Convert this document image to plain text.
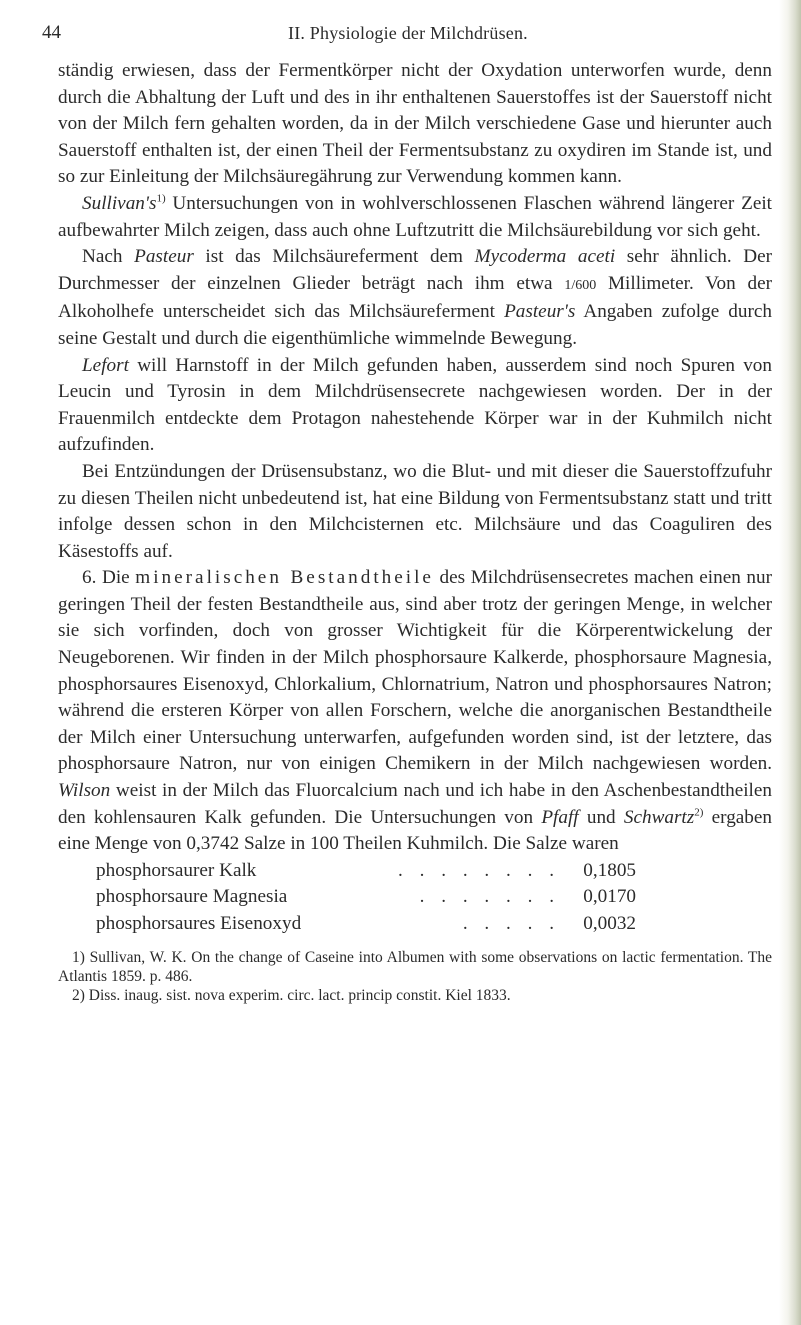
44	II. Physiologie der Milchdrüsen.

ständig erwiesen, dass der Fermentkörper nicht der Oxydation unterworfen wurde, denn durch die Abhaltung der Luft und des in ihr enthaltenen Sauerstoffes ist der Sauerstoff nicht von der Milch fern gehalten worden, da in der Milch verschiedene Gase und hierunter auch Sauerstoff enthalten ist, der einen Theil der Fermentsubstanz zu oxydiren im Stande ist, und so zur Einleitung der Milchsäuregährung zur Verwendung kommen kann.

$Sullivan's^{1)}$ Untersuchungen von in wohlverschlossenen Flaschen während längerer Zeit aufbewahrter Milch zeigen, dass auch ohne Luftzutritt die Milchsäurebildung vor sich geht.

Nach Pasteur ist das Milchsäureferment dem Mycoderma aceti sehr ähnlich. Der Durchmesser der einzelnen Glieder beträgt nach ihm etwa 1/600 Millimeter. Von der Alkoholhefe unterscheidet sich das Milchsäureferment Pasteur's Angaben zufolge durch seine Gestalt und durch die eigenthümliche wimmelnde Bewegung.

Lefort will Harnstoff in der Milch gefunden haben, ausserdem sind noch Spuren von Leucin und Tyrosin in dem Milchdrüsensecrete nachgewiesen worden. Der in der Frauenmilch entdeckte dem Protagon nahestehende Körper war in der Kuhmilch nicht aufzufinden.

Bei Entzündungen der Drüsensubstanz, wo die Blut- und mit dieser die Sauerstoffzufuhr zu diesen Theilen nicht unbedeutend ist, hat eine Bildung von Fermentsubstanz statt und tritt infolge dessen schon in den Milchcisternen etc. Milchsäure und das Coaguliren des Käsestoffs auf.

6. Die mineralischen Bestandtheile des Milchdrüsensecretes machen einen nur geringen Theil der festen Bestandtheile aus, sind aber trotz der geringen Menge, in welcher sie sich vorfinden, doch von grosser Wichtigkeit für die Körperentwickelung der Neugeborenen. Wir finden in der Milch phosphorsaure Kalkerde, phosphorsaure Magnesia, phosphorsaures Eisenoxyd, Chlorkalium, Chlornatrium, Natron und phosphorsaures Natron; während die ersteren Körper von allen Forschern, welche die anorganischen Bestandtheile der Milch einer Untersuchung unterwarfen, aufgefunden worden sind, ist der letztere, das phosphorsaure Natron, nur von einigen Chemikern in der Milch nachgewiesen worden. Wilson weist in der Milch das Fluorcalcium nach und ich habe in den Aschenbestandtheilen den kohlensauren Kalk gefunden. Die Untersuchungen von Pfaff und Schwartz$^{2)}$ ergaben eine Menge von 0,3742 Salze in 100 Theilen Kuhmilch. Die Salze waren

phosphorsaurer Kalk	. . . . . . . .	0,1805
phosphorsaure Magnesia	. . . . . . .	0,0170
phosphorsaures Eisenoxyd	. . . . .	0,0032

1) Sullivan, W. K. On the change of Caseine into Albumen with some observations on lactic fermentation. The Atlantis 1859. p. 486.

2) Diss. inaug. sist. nova experim. circ. lact. princip constit. Kiel 1833.
